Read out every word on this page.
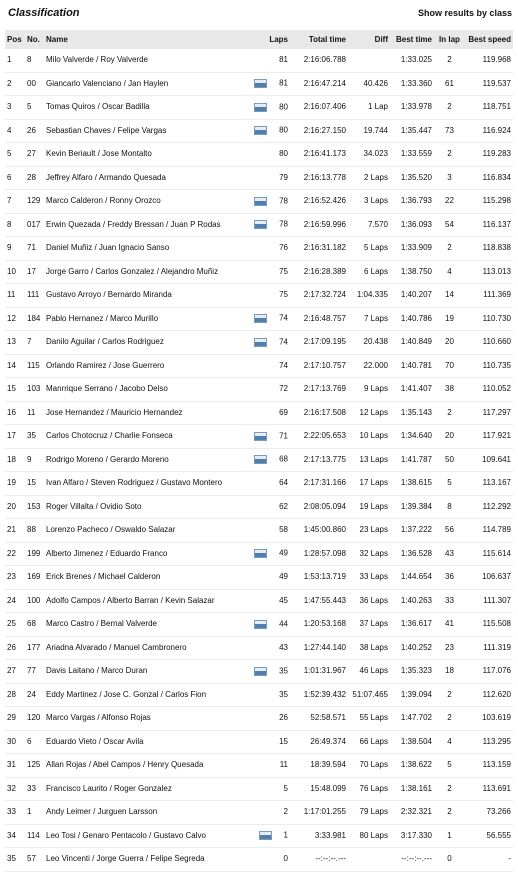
Classification	Show results by class
Pos	No.	Name	Laps	Total time	Diff	Best time	In lap	Best speed
1	8	Milo Valverde / Roy Valverde	81	2:16:06.788		1:33.025	2	119.968
2	00	Giancarlo Valenciano / Jan Haylen	81	2:16:47.214	40.426	1:33.360	61	119.537
3	5	Tomas Quiros / Oscar Badilla	80	2:16:07.406	1 Lap	1:33.978	2	118.751
4	26	Sebastian Chaves / Felipe Vargas	80	2:16:27.150	19.744	1:35.447	73	116.924
5	27	Kevin Beriault / Jose Montalto	80	2:16:41.173	34.023	1:33.559	2	119.283
6	28	Jeffrey Alfaro / Armando Quesada	79	2:16:13.778	2 Laps	1:35.520	3	116.834
7	129	Marco Calderon / Ronny Orozco	78	2:16:52.426	3 Laps	1:36.793	22	115.298
8	017	Erwin Quezada / Freddy Bressan / Juan P Rodas	78	2:16:59.996	7.570	1:36.093	54	116.137
9	71	Daniel Muñiz / Juan Ignacio Sanso	76	2:16:31.182	5 Laps	1:33.909	2	118.838
10	17	Jorge Garro / Carlos Gonzalez / Alejandro Muñiz	75	2:16:28.389	6 Laps	1:38.750	4	113.013
11	111	Gustavo Arroyo / Bernardo Miranda	75	2:17:32.724	1:04.335	1:40.207	14	111.369
12	184	Pablo Hernanez / Marco Murillo	74	2:16:48.757	7 Laps	1:40.786	19	110.730
13	7	Danilo Aguilar / Carlos Rodriguez	74	2:17:09.195	20.438	1:40.849	20	110.660
14	115	Orlando Ramirez / Jose Guerrero	74	2:17:10.757	22.000	1:40.781	70	110.735
15	103	Manrrique Serrano / Jacobo Delso	72	2:17:13.769	9 Laps	1:41.407	38	110.052
16	11	Jose Hernandez / Mauricio Hernandez	69	2:16:17.508	12 Laps	1:35.143	2	117.297
17	35	Carlos Chotocruz / Charlie Fonseca	71	2:22:05.653	10 Laps	1:34.640	20	117.921
18	9	Rodrigo Moreno / Gerardo Moreno	68	2:17:13.775	13 Laps	1:41.787	50	109.641
19	15	Ivan Alfaro / Steven Rodriguez / Gustavo Montero	64	2:17:31.166	17 Laps	1:38.615	5	113.167
20	153	Roger Villalta / Ovidio Soto	62	2:08:05.094	19 Laps	1:39.384	8	112.292
21	88	Lorenzo Pacheco / Oswaldo Salazar	58	1:45:00.860	23 Laps	1:37.222	56	114.789
22	199	Alberto Jimenez / Eduardo Franco	49	1:28:57.098	32 Laps	1:36.528	43	115.614
23	169	Erick Brenes / Michael Calderon	49	1:53:13.719	33 Laps	1:44.654	36	106.637
24	100	Adolfo Campos / Alberto Barran / Kevin Salazar	45	1:47:55.443	36 Laps	1:40.263	33	111.307
25	68	Marco Castro / Bernal Valverde	44	1:20:53.168	37 Laps	1:36.617	41	115.508
26	177	Ariadna Alvarado / Manuel Cambronero	43	1:27:44.140	38 Laps	1:40.252	23	111.319
27	77	Davis Laitano / Marco Duran	35	1:01:31.967	46 Laps	1:35.323	18	117.076
28	24	Eddy Martinez / Jose C. Gonzal / Carlos Fion	35	1:52:39.432	51:07.465	1:39.094	2	112.620
29	120	Marco Vargas / Alfonso Rojas	26	52:58.571	55 Laps	1:47.702	2	103.619
30	6	Eduardo Vieto / Oscar Avila	15	26:49.374	66 Laps	1:38.504	4	113.295
31	125	Allan Rojas / Abel Campos / Henry Quesada	11	18:39.594	70 Laps	1:38.622	5	113.159
32	33	Francisco Laurito / Roger Gonzalez	5	15:48.099	76 Laps	1:38.161	2	113.691
33	1	Andy Leimer / Jurguen Larsson	2	1:17:01.255	79 Laps	2:32.321	2	73.266
34	114	Leo Tosi / Genaro Pentacolo / Gustavo Calvo	1	3:33.981	80 Laps	3:17.330	1	56.555
35	57	Leo Vincenti / Jorge Guerra / Felipe Segreda	0	--:--:--.---		--:--:--.---	0	-
